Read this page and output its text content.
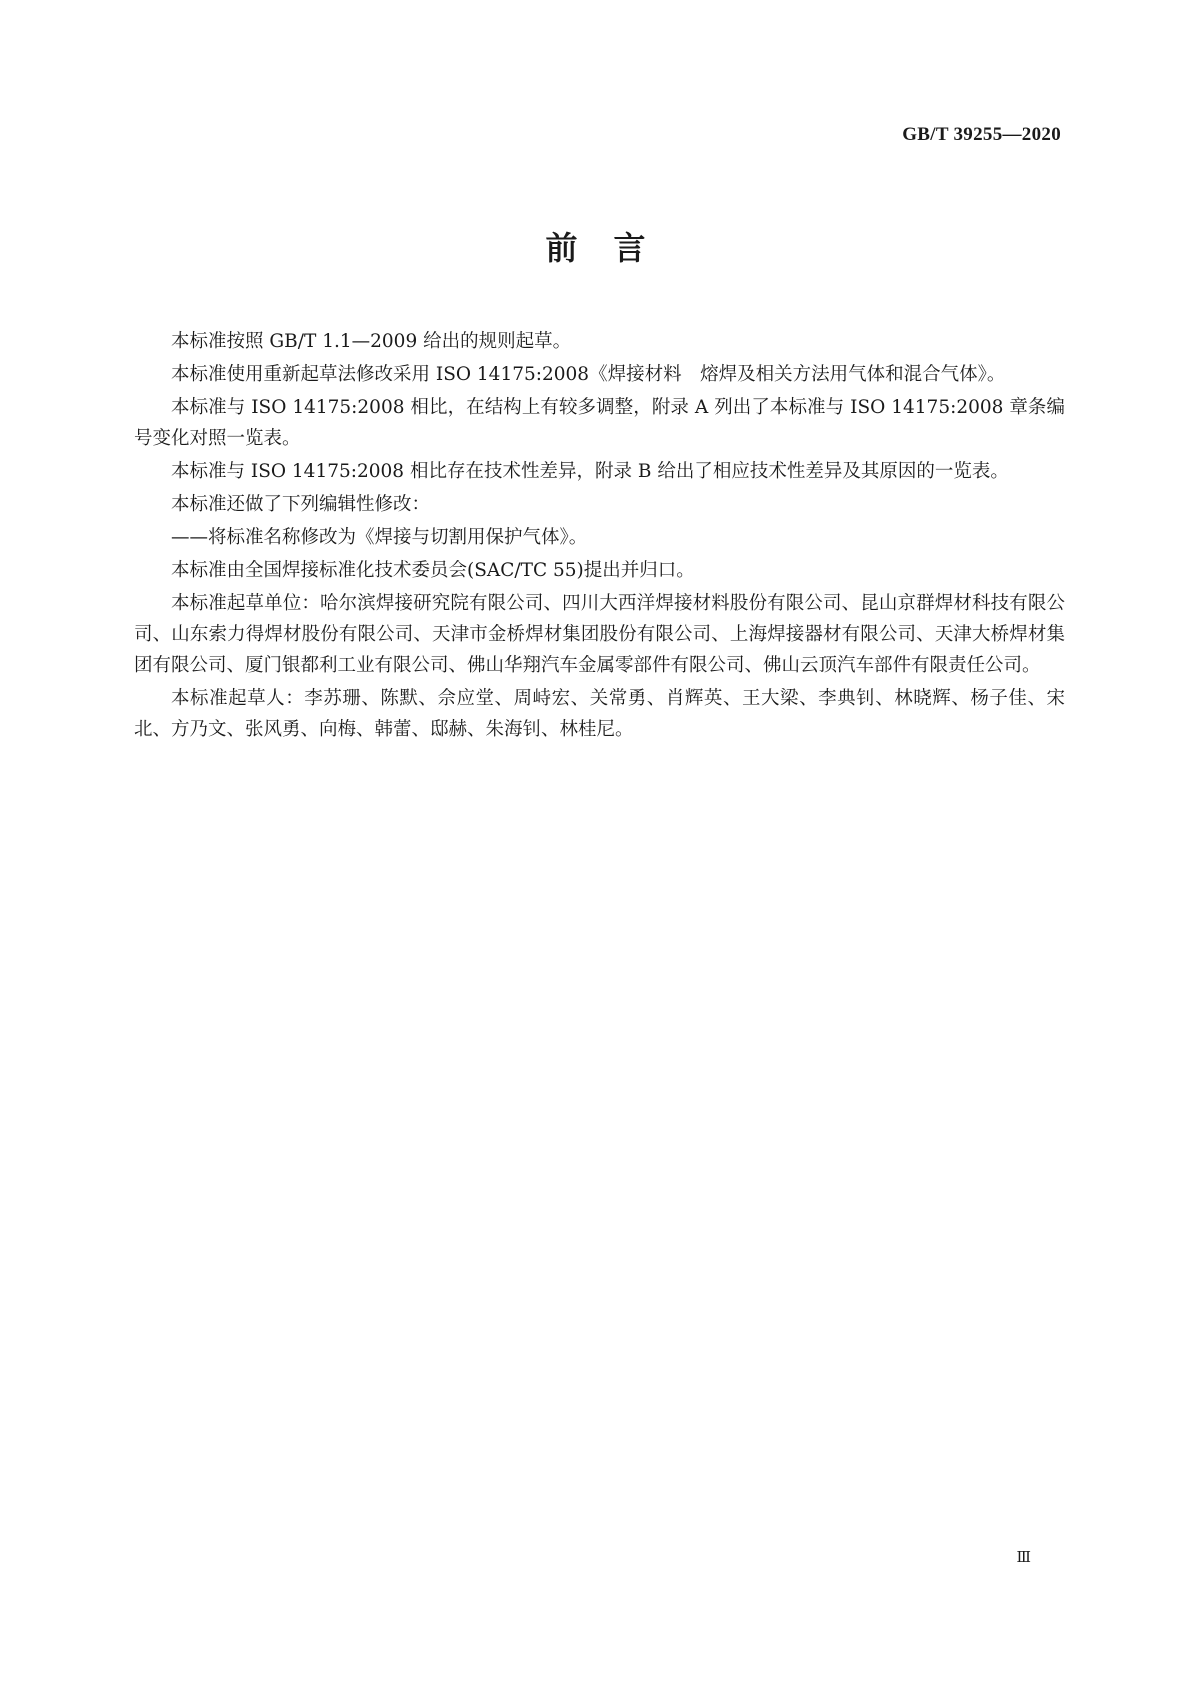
GB/T 39255—2020
前言

本标准按照 GB/T 1.1—2009 给出的规则起草。

本标准使用重新起草法修改采用 ISO 14175:2008《焊接材料　熔焊及相关方法用气体和混合气体》。

本标准与 ISO 14175:2008 相比，在结构上有较多调整，附录 A 列出了本标准与 ISO 14175:2008 章条编号变化对照一览表。

本标准与 ISO 14175:2008 相比存在技术性差异，附录 B 给出了相应技术性差异及其原因的一览表。

本标准还做了下列编辑性修改：

——将标准名称修改为《焊接与切割用保护气体》。

本标准由全国焊接标准化技术委员会(SAC/TC 55)提出并归口。

本标准起草单位：哈尔滨焊接研究院有限公司、四川大西洋焊接材料股份有限公司、昆山京群焊材科技有限公司、山东索力得焊材股份有限公司、天津市金桥焊材集团股份有限公司、上海焊接器材有限公司、天津大桥焊材集团有限公司、厦门银都利工业有限公司、佛山华翔汽车金属零部件有限公司、佛山云顶汽车部件有限责任公司。

本标准起草人：李苏珊、陈默、佘应堂、周峙宏、关常勇、肖辉英、王大梁、李典钊、林晓辉、杨子佳、宋北、方乃文、张风勇、向梅、韩蕾、邸赫、朱海钊、林桂尼。

Ⅲ
